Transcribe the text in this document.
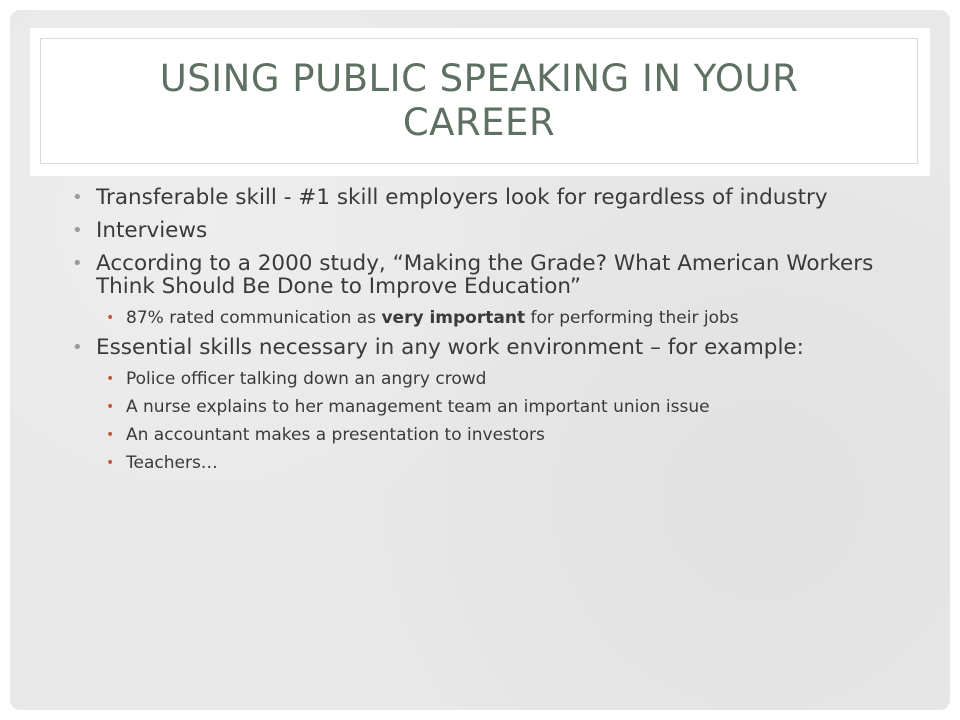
USING PUBLIC SPEAKING IN YOUR CAREER
• Transferable skill - #1 skill employers look for regardless of industry
• Interviews
• According to a 2000 study, “Making the Grade? What American Workers Think Should Be Done to Improve Education”
• 87% rated communication as very important for performing their jobs
• Essential skills necessary in any work environment – for example:
• Police officer talking down an angry crowd
• A nurse explains to her management team an important union issue
• An accountant makes a presentation to investors
• Teachers…
